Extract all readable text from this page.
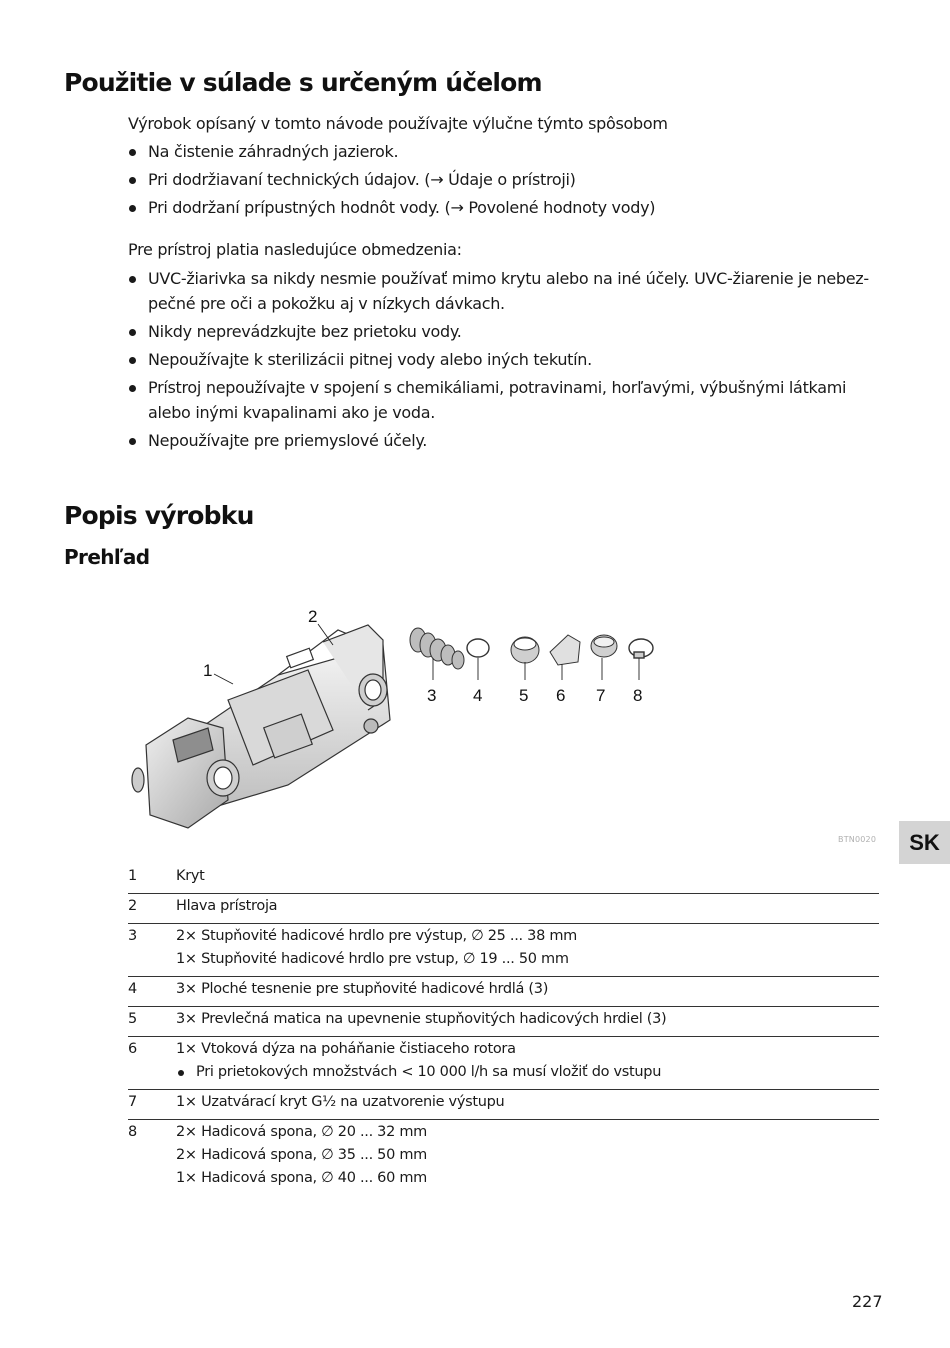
Použitie v súlade s určeným účelom

Výrobok opísaný v tomto návode používajte výlučne týmto spôsobom

Na čistenie záhradných jazierok.
Pri dodržiavaní technických údajov. (→ Údaje o prístroji)
Pri dodržaní prípustných hodnôt vody. (→ Povolené hodnoty vody)

Pre prístroj platia nasledujúce obmedzenia:

UVC-žiarivka sa nikdy nesmie používať mimo krytu alebo na iné účely. UVC-žiarenie je nebez-pečné pre oči a pokožku aj v nízkych dávkach.
Nikdy neprevádzkujte bez prietoku vody.
Nepoužívajte k sterilizácii pitnej vody alebo iných tekutín.
Prístroj nepoužívajte v spojení s chemikáliami, potravinami, horľavými, výbušnými látkami alebo inými kvapalinami ako je voda.
Nepoužívajte pre priemyslové účely.
Popis výrobku
Prehľad
1
2
3 4 5 6 7 8
BTN0020	SK
1	Kryt

2	Hlava prístroja

3	2× Stupňovité hadicové hrdlo pre výstup, ∅ 25 ... 38 mm
1× Stupňovité hadicové hrdlo pre vstup, ∅ 19 ... 50 mm

4	3× Ploché tesnenie pre stupňovité hadicové hrdlá (3)

5	3× Prevlečná matica na upevnenie stupňovitých hadicových hrdiel (3)

6	1× Vtoková dýza na poháňanie čistiaceho rotora
Pri prietokových množstvách < 10 000 l/h sa musí vložiť do vstupu

7	1× Uzatvárací kryt G½ na uzatvorenie výstupu

8	2× Hadicová spona, ∅ 20 ... 32 mm
2× Hadicová spona, ∅ 35 ... 50 mm
1× Hadicová spona, ∅ 40 ... 60 mm
227
